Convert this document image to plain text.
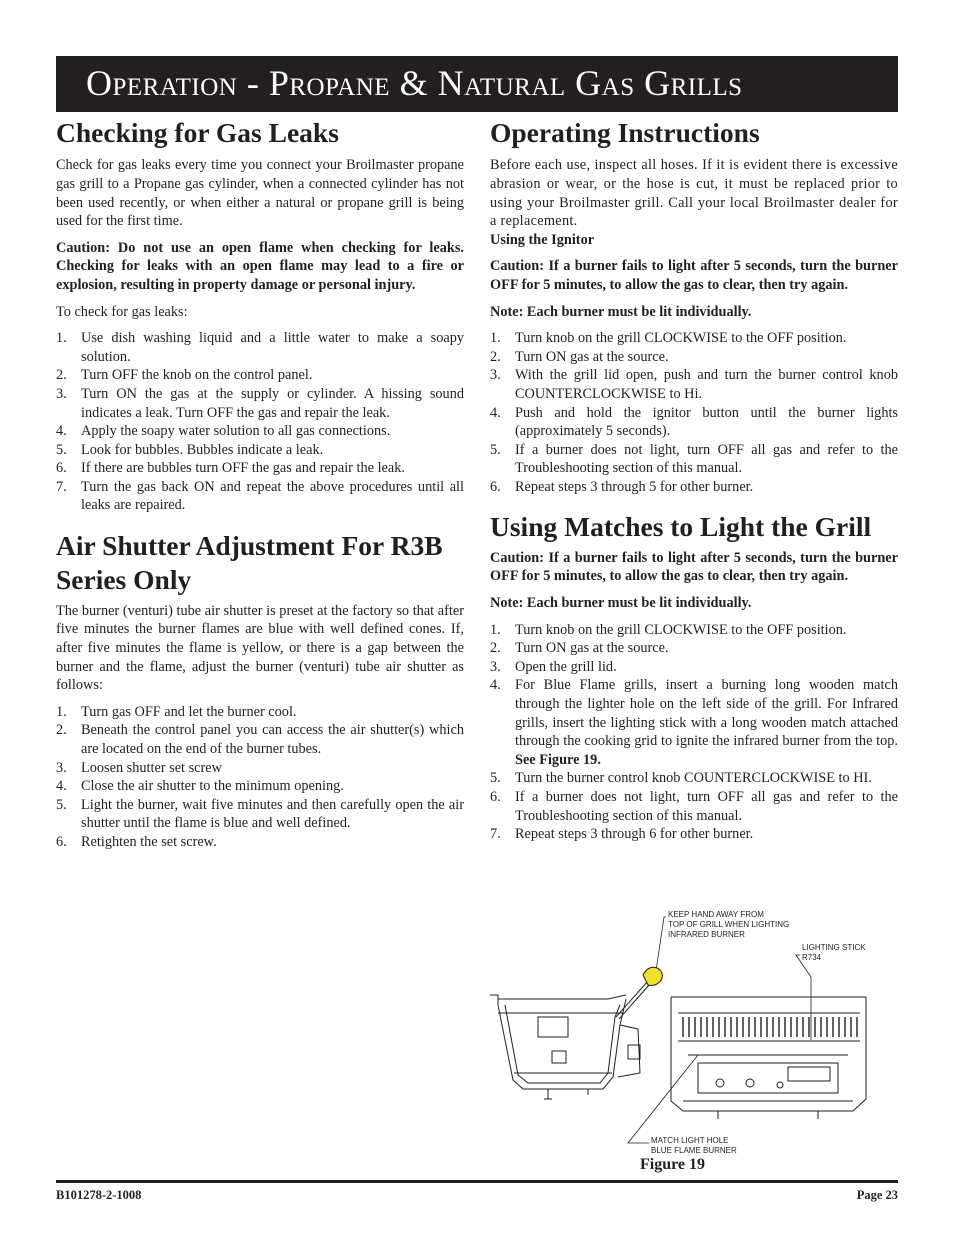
Operation - Propane & Natural Gas Grills
Checking for Gas Leaks

Check for gas leaks every time you connect your Broilmaster propane gas grill to a Propane gas cylinder, when a connected cylinder has not been used recently, or when either a natural or propane grill is being used for the first time.

Caution: Do not use an open flame when checking for leaks. Checking for leaks with an open flame may lead to a fire or explosion, resulting in property damage or personal injury.

To check for gas leaks:

1. Use dish washing liquid and a little water to make a soapy solution.
2. Turn OFF the knob on the control panel.
3. Turn ON the gas at the supply or cylinder. A hissing sound indicates a leak. Turn OFF the gas and repair the leak.
4. Apply the soapy water solution to all gas connections.
5. Look for bubbles. Bubbles indicate a leak.
6. If there are bubbles turn OFF the gas and repair the leak.
7. Turn the gas back ON and repeat the above procedures until all leaks are repaired.
Air Shutter Adjustment For R3B Series Only

The burner (venturi) tube air shutter is preset at the factory so that after five minutes the burner flames are blue with well defined cones. If, after five minutes the flame is yellow, or there is a gap between the burner and the flame, adjust the burner (venturi) tube air shutter as follows:

1. Turn gas OFF and let the burner cool.
2. Beneath the control panel you can access the air shutter(s) which are located on the end of the burner tubes.
3. Loosen shutter set screw
4. Close the air shutter to the minimum opening.
5. Light the burner, wait five minutes and then carefully open the air shutter until the flame is blue and well defined.
6. Retighten the set screw.
Operating Instructions

Before each use, inspect all hoses. If it is evident there is excessive abrasion or wear, or the hose is cut, it must be replaced prior to using your Broilmaster grill. Call your local Broilmaster dealer for a replacement.

Using the Ignitor

Caution: If a burner fails to light after 5 seconds, turn the burner OFF for 5 minutes, to allow the gas to clear, then try again.

Note: Each burner must be lit individually.

1. Turn knob on the grill CLOCKWISE to the OFF position.
2. Turn ON gas at the source.
3. With the grill lid open, push and turn the burner control knob COUNTERCLOCKWISE to Hi.
4. Push and hold the ignitor button until the burner lights (approximately 5 seconds).
5. If a burner does not light, turn OFF all gas and refer to the Troubleshooting section of this manual.
6. Repeat steps 3 through 5 for other burner.
Using Matches to Light the Grill

Caution: If a burner fails to light after 5 seconds, turn the burner OFF for 5 minutes, to allow the gas to clear, then try again.

Note: Each burner must be lit individually.

1. Turn knob on the grill CLOCKWISE to the OFF position.
2. Turn ON gas at the source.
3. Open the grill lid.
4. For Blue Flame grills, insert a burning long wooden match through the lighter hole on the left side of the grill. For Infrared grills, insert the lighting stick with a long wooden match attached through the cooking grid to ignite the infrared burner from the top. See Figure 19.
5. Turn the burner control knob COUNTERCLOCKWISE to HI.
6. If a burner does not light, turn OFF all gas and refer to the Troubleshooting section of this manual.
7. Repeat steps 3 through 6 for other burner.
KEEP HAND AWAY FROM
TOP OF GRILL WHEN LIGHTING
INFRARED BURNER
LIGHTING STICK
R734
MATCH LIGHT HOLE
BLUE FLAME BURNER
Figure 19
B101278-2-1008	Page 23
